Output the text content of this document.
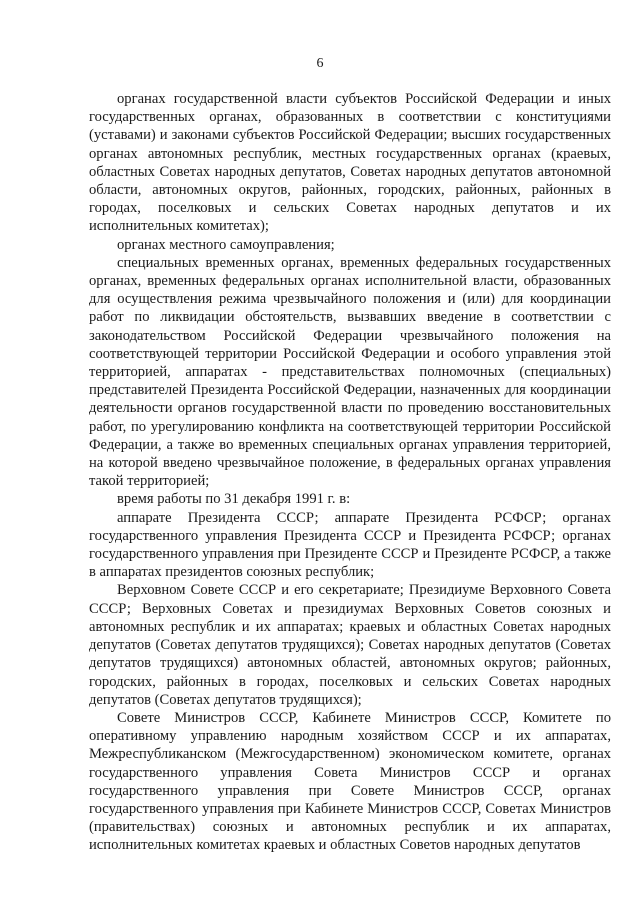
6

органах государственной власти субъектов Российской Федерации и иных государственных органах, образованных в соответствии с конституциями (уставами) и законами субъектов Российской Федерации; высших государственных органах автономных республик, местных государственных органах (краевых, областных Советах народных депутатов, Советах народных депутатов автономной области, автономных округов, районных, городских, районных, районных в городах, поселковых и сельских Советах народных депутатов и их исполнительных комитетах);

органах местного самоуправления;

специальных временных органах, временных федеральных государственных органах, временных федеральных органах исполнительной власти, образованных для осуществления режима чрезвычайного положения и (или) для координации работ по ликвидации обстоятельств, вызвавших введение в соответствии с законодательством Российской Федерации чрезвычайного положения на соответствующей территории Российской Федерации и особого управления этой территорией, аппаратах - представительствах полномочных (специальных) представителей Президента Российской Федерации, назначенных для координации деятельности органов государственной власти по проведению восстановительных работ, по урегулированию конфликта на соответствующей территории Российской Федерации, а также во временных специальных органах управления территорией, на которой введено чрезвычайное положение, в федеральных органах управления такой территорией;

время работы по 31 декабря 1991 г. в:

аппарате Президента СССР; аппарате Президента РСФСР; органах государственного управления Президента СССР и Президента РСФСР; органах государственного управления при Президенте СССР и Президенте РСФСР, а также в аппаратах президентов союзных республик;

Верховном Совете СССР и его секретариате; Президиуме Верховного Совета СССР; Верховных Советах и президиумах Верховных Советов союзных и автономных республик и их аппаратах; краевых и областных Советах народных депутатов (Советах депутатов трудящихся); Советах народных депутатов (Советах депутатов трудящихся) автономных областей, автономных округов; районных, городских, районных в городах, поселковых и сельских Советах народных депутатов (Советах депутатов трудящихся);

Совете Министров СССР, Кабинете Министров СССР, Комитете по оперативному управлению народным хозяйством СССР и их аппаратах, Межреспубликанском (Межгосударственном) экономическом комитете, органах государственного управления Совета Министров СССР и органах государственного управления при Совете Министров СССР, органах государственного управления при Кабинете Министров СССР, Советах Министров (правительствах) союзных и автономных республик и их аппаратах, исполнительных комитетах краевых и областных Советов народных депутатов
